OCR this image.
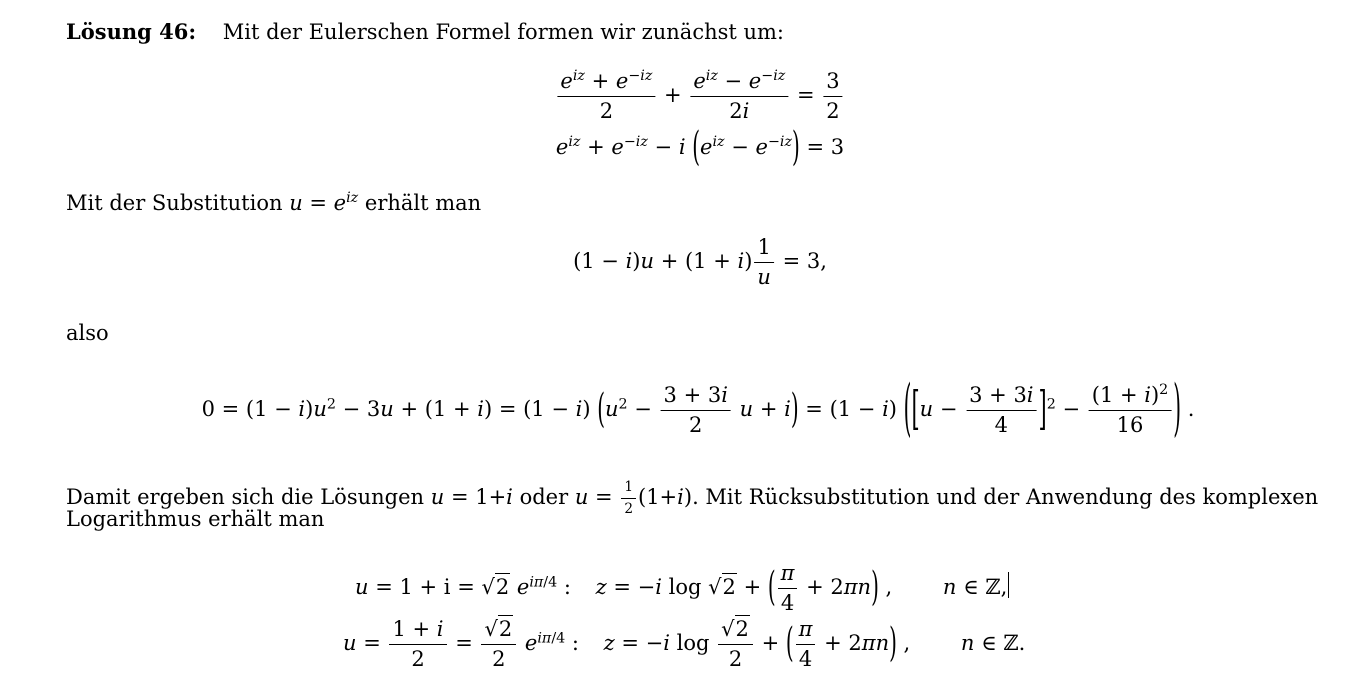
Lösung 46: Mit der Eulerschen Formel formen wir zunächst um:
$\frac{e^{iz} + e^{-iz}}{2} + \frac{e^{iz} - e^{-iz}}{2i} = \frac{3}{2}$
$e^{iz} + e^{-iz} - i$ $(e^{iz} - e^{-iz}) = 3$
Mit der Substitution $u = e^{iz}$ erhält man
$(1 - i)u + (1 + i) \frac{1}{u} = 3$,
also
$0 = (1 - i)u^2 - 3u + (1 + i) = (1 - i)$ ($u^2 - \frac{3 + 3i}{2}$ u + i) = (1 − i) ($[u - \frac{3 + 3i}{4} ]^2 - \frac{(1 + i)^2}{16}$ ) .
Damit ergeben sich die Lösungen u = 1+i oder $u = \frac{1}{2} (1+i)$. Mit Rücksubstitution und der Anwendung des komplexen
Logarithmus erhält man
u = 1 + i = √2 $e^{i\pi/4}$ : z = −i log √2 + ( $\frac{\pi}{4} + 2\pi n$) , n ∈ ℤ,
$u = \frac{1 + i}{2} = \frac{√2}{2} e^{i\pi/4}$ : z = −i $\log \frac{√2}{2}$ + ( $\frac{\pi}{4} + 2\pi n$) , n ∈ ℤ.
